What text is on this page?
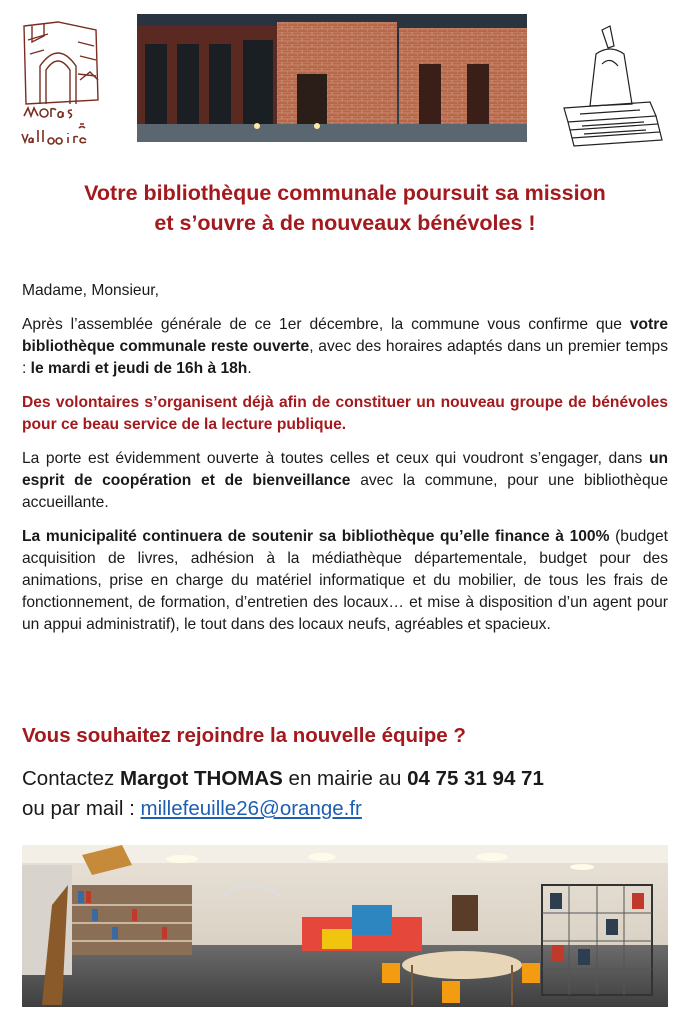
Votre bibliothèque communale poursuit sa mission
et s’ouvre à de nouveaux bénévoles !

Madame, Monsieur,

Après l’assemblée générale de ce 1er décembre, la commune vous confirme que votre bibliothèque communale reste ouverte, avec des horaires adaptés dans un premier temps : le mardi et jeudi de 16h à 18h.

Des volontaires s’organisent déjà afin de constituer un nouveau groupe de bénévoles pour ce beau service de la lecture publique.

La porte est évidemment ouverte à toutes celles et ceux qui voudront s’engager, dans un esprit de coopération et de bienveillance avec la commune, pour une bibliothèque accueillante.

La municipalité continuera de soutenir sa bibliothèque qu’elle finance à 100% (budget acquisition de livres, adhésion à la médiathèque départementale, budget pour des animations, prise en charge du matériel informatique et du mobilier, de tous les frais de fonctionnement, de formation, d’entretien des locaux… et mise à disposition d’un agent pour un appui administratif), le tout dans des locaux neufs, agréables et spacieux.

Vous souhaitez rejoindre la nouvelle équipe ?
Contactez Margot THOMAS en mairie au 04 75 31 94 71
ou par mail : millefeuille26@orange.fr
